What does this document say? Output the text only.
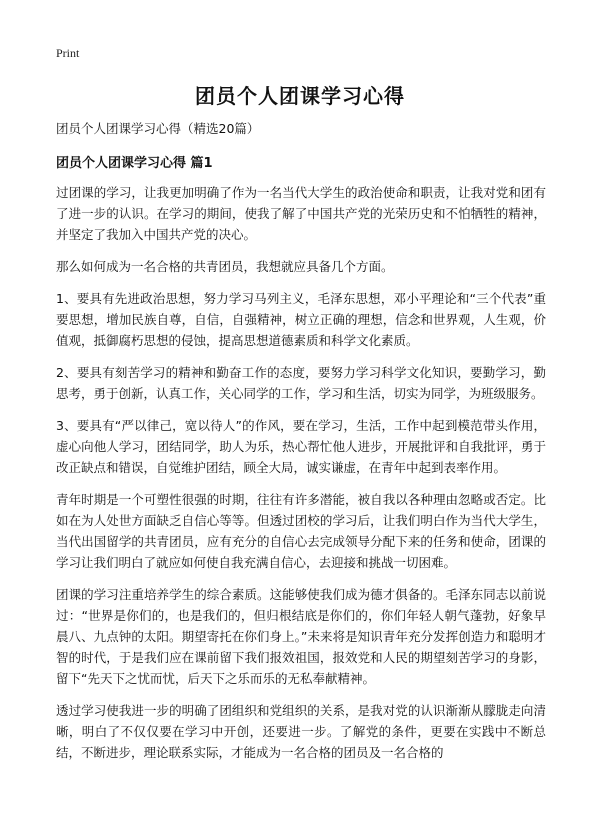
Print
团员个人团课学习心得

团员个人团课学习心得（精选20篇）

团员个人团课学习心得 篇1

过团课的学习，让我更加明确了作为一名当代大学生的政治使命和职责，让我对党和团有了进一步的认识。在学习的期间，使我了解了中国共产党的光荣历史和不怕牺牲的精神，并坚定了我加入中国共产党的决心。

那么如何成为一名合格的共青团员，我想就应具备几个方面。

1、要具有先进政治思想，努力学习马列主义，毛泽东思想，邓小平理论和“三个代表”重要思想，增加民族自尊，自信，自强精神，树立正确的理想，信念和世界观，人生观，价值观，抵御腐朽思想的侵蚀，提高思想道德素质和科学文化素质。

2、要具有刻苦学习的精神和勤奋工作的态度，要努力学习科学文化知识，要勤学习，勤思考，勇于创新，认真工作，关心同学的工作，学习和生活，切实为同学，为班级服务。

3、要具有“严以律己，宽以待人”的作风，要在学习，生活，工作中起到模范带头作用，虚心向他人学习，团结同学，助人为乐，热心帮忙他人进步，开展批评和自我批评，勇于改正缺点和错误，自觉维护团结，顾全大局，诚实谦虚，在青年中起到表率作用。

青年时期是一个可塑性很强的时期，往往有许多潜能，被自我以各种理由忽略或否定。比如在为人处世方面缺乏自信心等等。但透过团校的学习后，让我们明白作为当代大学生，当代出国留学的共青团员，应有充分的自信心去完成领导分配下来的任务和使命，团课的学习让我们明白了就应如何使自我充满自信心，去迎接和挑战一切困难。

团课的学习注重培养学生的综合素质。这能够使我们成为德才俱备的。毛泽东同志以前说过：“世界是你们的，也是我们的，但归根结底是你们的，你们年轻人朝气蓬勃，好象早晨八、九点钟的太阳。期望寄托在你们身上。”未来将是知识青年充分发挥创造力和聪明才智的时代，于是我们应在课前留下我们报效祖国，报效党和人民的期望刻苦学习的身影，留下“先天下之忧而忧，后天下之乐而乐的无私奉献精神。

透过学习使我进一步的明确了团组织和党组织的关系，是我对党的认识渐渐从朦胧走向清晰，明白了不仅仅要在学习中开创，还要进一步。了解党的条件，更要在实践中不断总结，不断进步，理论联系实际，才能成为一名合格的团员及一名合格的
